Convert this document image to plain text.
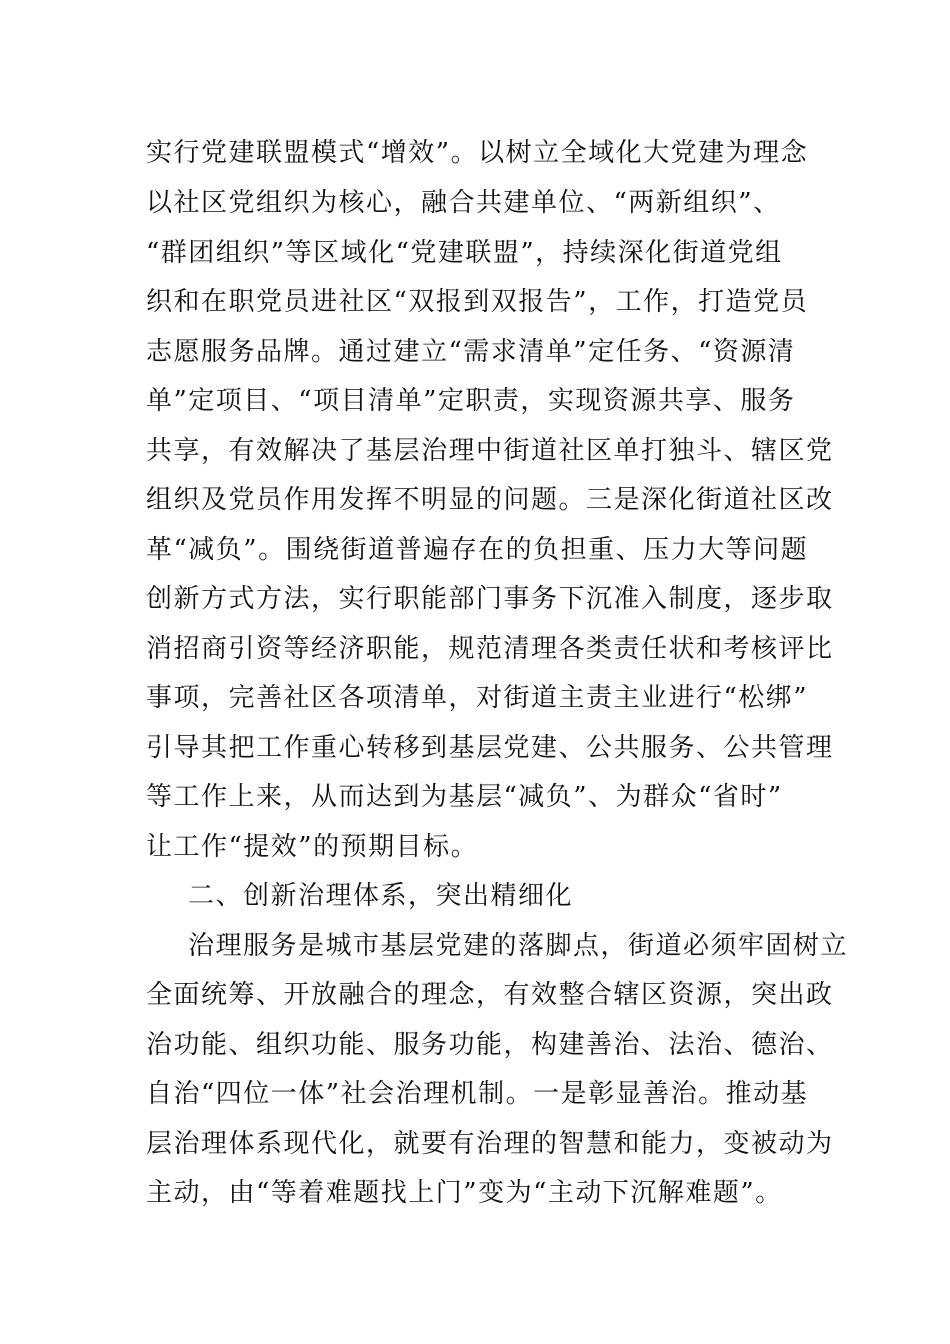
实行党建联盟模式“增效”。以树立全域化大党建为理念
以社区党组织为核心，融合共建单位、“两新组织”、
“群团组织”等区域化“党建联盟”，持续深化街道党组
织和在职党员进社区“双报到双报告”，工作，打造党员
志愿服务品牌。通过建立“需求清单”定任务、“资源清
单”定项目、“项目清单”定职责，实现资源共享、服务
共享，有效解决了基层治理中街道社区单打独斗、辖区党
组织及党员作用发挥不明显的问题。三是深化街道社区改
革“减负”。围绕街道普遍存在的负担重、压力大等问题
创新方式方法，实行职能部门事务下沉准入制度，逐步取
消招商引资等经济职能，规范清理各类责任状和考核评比
事项，完善社区各项清单，对街道主责主业进行“松绑”
引导其把工作重心转移到基层党建、公共服务、公共管理
等工作上来，从而达到为基层“减负”、为群众“省时”
让工作“提效”的预期目标。
二、创新治理体系，突出精细化
治理服务是城市基层党建的落脚点，街道必须牢固树立
全面统筹、开放融合的理念，有效整合辖区资源，突出政
治功能、组织功能、服务功能，构建善治、法治、德治、
自治“四位一体”社会治理机制。一是彰显善治。推动基
层治理体系现代化，就要有治理的智慧和能力，变被动为
主动，由“等着难题找上门”变为“主动下沉解难题”。
